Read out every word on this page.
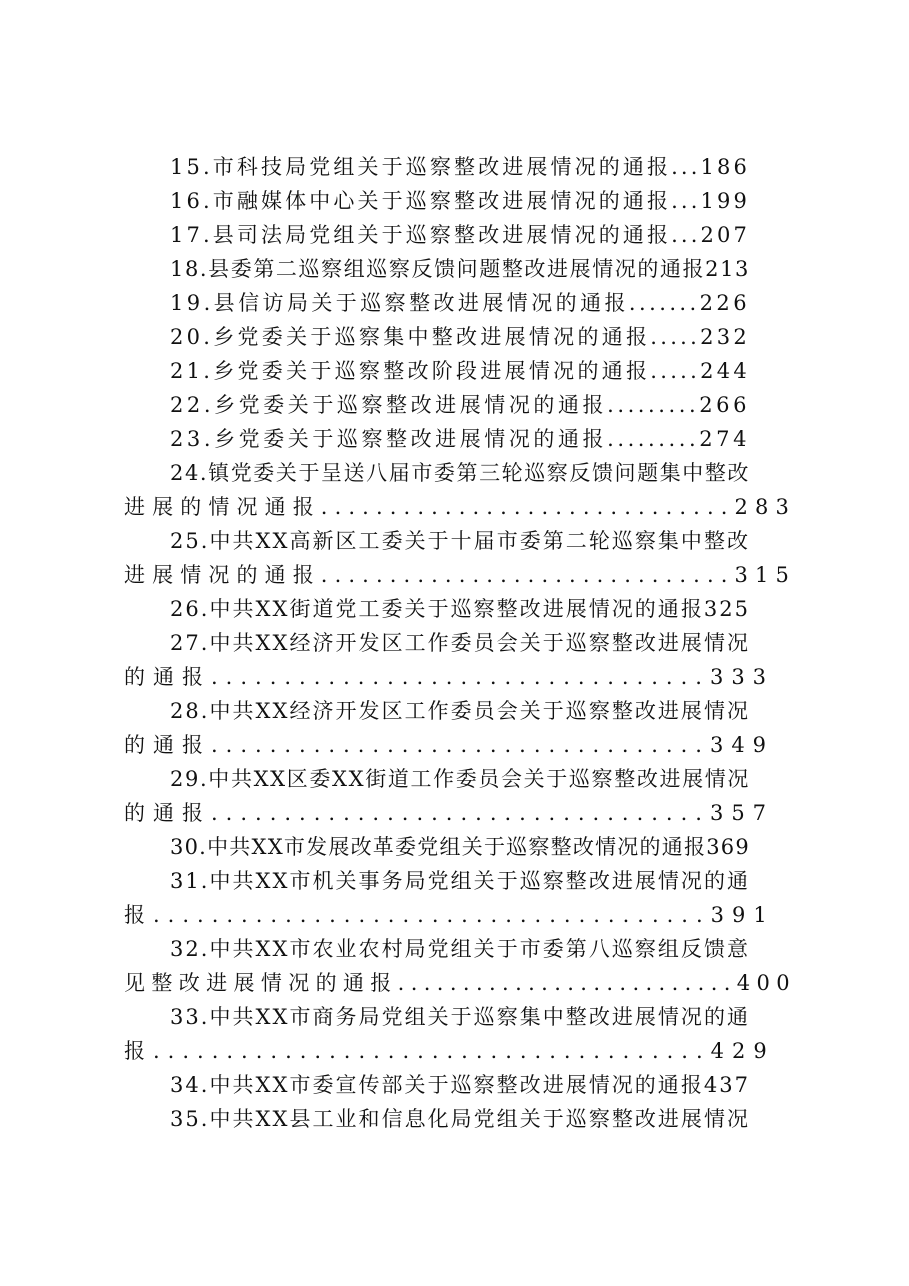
15.市科技局党组关于巡察整改进展情况的通报...186

16.市融媒体中心关于巡察整改进展情况的通报...199

17.县司法局党组关于巡察整改进展情况的通报...207

18.县委第二巡察组巡察反馈问题整改进展情况的通报213

19.县信访局关于巡察整改进展情况的通报.......226

20.乡党委关于巡察集中整改进展情况的通报.....232

21.乡党委关于巡察整改阶段进展情况的通报.....244

22.乡党委关于巡察整改进展情况的通报.........266

23.乡党委关于巡察整改进展情况的通报.........274

24.镇党委关于呈送八届市委第三轮巡察反馈问题集中整改
进展的情况通报..............................283

25.中共XX高新区工委关于十届市委第二轮巡察集中整改
进展情况的通报..............................315

26.中共XX街道党工委关于巡察整改进展情况的通报325

27.中共XX经济开发区工作委员会关于巡察整改进展情况
的通报..................................333

28.中共XX经济开发区工作委员会关于巡察整改进展情况
的通报..................................349

29.中共XX区委XX街道工作委员会关于巡察整改进展情况
的通报..................................357

30.中共XX市发展改革委党组关于巡察整改情况的通报369

31.中共XX市机关事务局党组关于巡察整改进展情况的通
报......................................391

32.中共XX市农业农村局党组关于市委第八巡察组反馈意
见整改进展情况的通报..........................400

33.中共XX市商务局党组关于巡察集中整改进展情况的通
报......................................429

34.中共XX市委宣传部关于巡察整改进展情况的通报437

35.中共XX县工业和信息化局党组关于巡察整改进展情况
